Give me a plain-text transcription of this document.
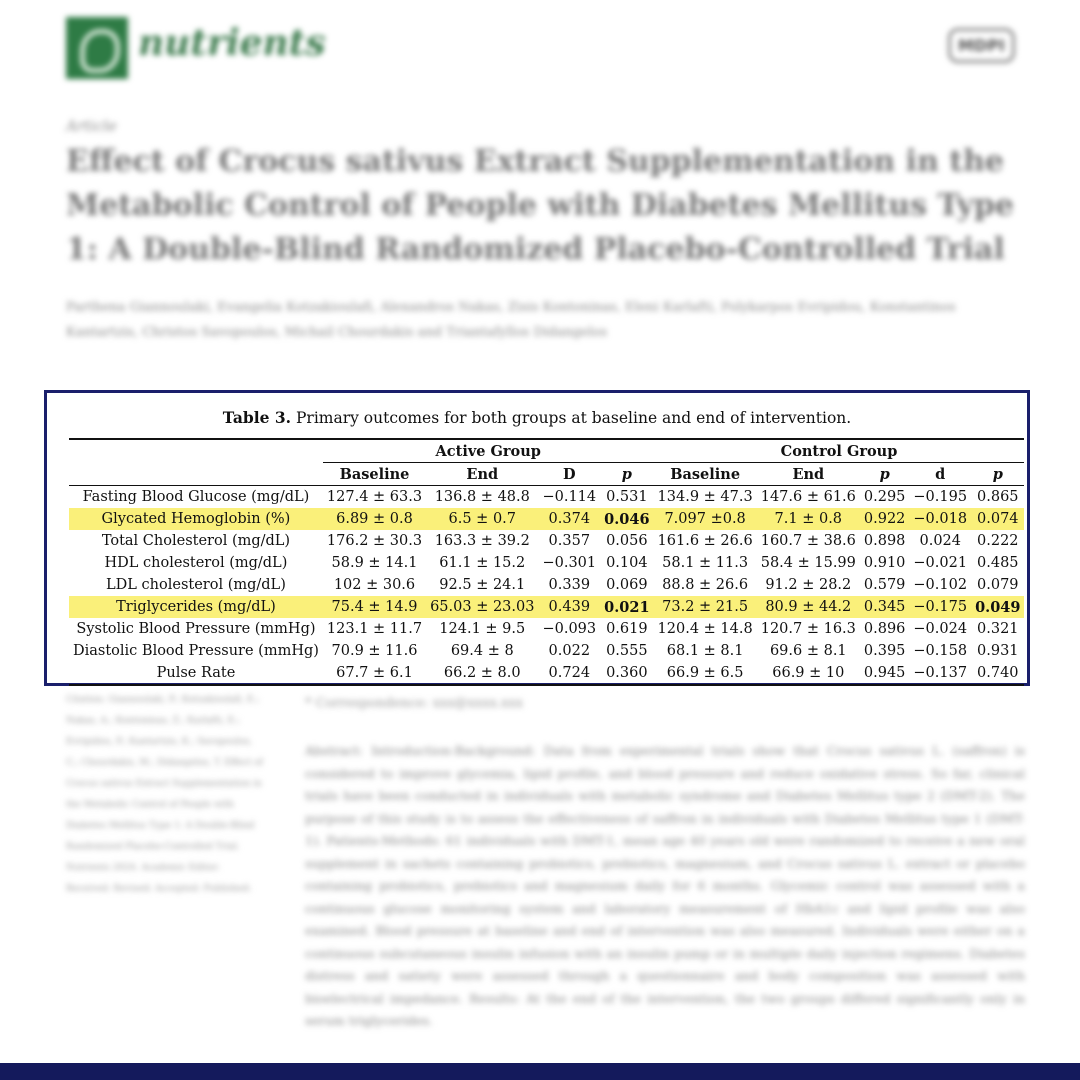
nutrients	MDPI
Article
Effect of Crocus sativus Extract Supplementation in the Metabolic Control of People with Diabetes Mellitus Type 1: A Double-Blind Randomized Placebo-Controlled Trial
Parthena Giannoulaki, Evangelia Kotzakioulafi, Alexandros Nakas, Zisis Kontoninas, Eleni Karlafti, Polykarpos Evripidou, Konstantinos Kantartzis, Christos Savopoulos, Michail Chourdakis and Triantafyllos Didangelos
Citation: Giannoulaki, P.; Kotzakioulafi, E.; Nakas, A.; Kontoninas, Z.; Karlafti, E.; Evripidou, P.; Kantartzis, K.; Savopoulos, C.; Chourdakis, M.; Didangelos, T. Effect of Crocus sativus Extract Supplementation in the Metabolic Control of People with Diabetes Mellitus Type 1: A Double-Blind Randomized Placebo-Controlled Trial. Nutrients 2024. Academic Editor: Received: Revised: Accepted: Published:
* Correspondence: xxx@xxxx.xxx
Abstract: Introduction-Background: Data from experimental trials show that Crocus sativus L. (saffron) is considered to improve glycemia, lipid profile, and blood pressure and reduce oxidative stress. So far, clinical trials have been conducted in individuals with metabolic syndrome and Diabetes Mellitus type 2 (DMT-2). The purpose of this study is to assess the effectiveness of saffron in individuals with Diabetes Mellitus type 1 (DMT-1). Patients-Methods: 61 individuals with DMT-1, mean age 40 years old were randomized to receive a new oral supplement in sachets containing probiotics, prebiotics, magnesium, and Crocus sativus L. extract or placebo containing probiotics, prebiotics and magnesium daily for 6 months. Glycemic control was assessed with a continuous glucose monitoring system and laboratory measurement of HbA1c and lipid profile was also examined. Blood pressure at baseline and end of intervention was also measured. Individuals were either on a continuous subcutaneous insulin infusion with an insulin pump or in multiple daily injection regimens. Diabetes distress and satiety were assessed through a questionnaire and body composition was assessed with bioelectrical impedance. Results: At the end of the intervention, the two groups differed significantly only in serum triglycerides.
Table 3. Primary outcomes for both groups at baseline and end of intervention.
	Active Group				Control Group				
	Baseline	End	D	p	Baseline	End	p	d	p
Fasting Blood Glucose (mg/dL)	127.4 ± 63.3	136.8 ± 48.8	−0.114	0.531	134.9 ± 47.3	147.6 ± 61.6	0.295	−0.195	0.865
Glycated Hemoglobin (%)	6.89 ± 0.8	6.5 ± 0.7	0.374	0.046	7.097 ±0.8	7.1 ± 0.8	0.922	−0.018	0.074
Total Cholesterol (mg/dL)	176.2 ± 30.3	163.3 ± 39.2	0.357	0.056	161.6 ± 26.6	160.7 ± 38.6	0.898	0.024	0.222
HDL cholesterol (mg/dL)	58.9 ± 14.1	61.1 ± 15.2	−0.301	0.104	58.1 ± 11.3	58.4 ± 15.99	0.910	−0.021	0.485
LDL cholesterol (mg/dL)	102 ± 30.6	92.5 ± 24.1	0.339	0.069	88.8 ± 26.6	91.2 ± 28.2	0.579	−0.102	0.079
Triglycerides (mg/dL)	75.4 ± 14.9	65.03 ± 23.03	0.439	0.021	73.2 ± 21.5	80.9 ± 44.2	0.345	−0.175	0.049
Systolic Blood Pressure (mmHg)	123.1 ± 11.7	124.1 ± 9.5	−0.093	0.619	120.4 ± 14.8	120.7 ± 16.3	0.896	−0.024	0.321
Diastolic Blood Pressure (mmHg)	70.9 ± 11.6	69.4 ± 8	0.022	0.555	68.1 ± 8.1	69.6 ± 8.1	0.395	−0.158	0.931
Pulse Rate	67.7 ± 6.1	66.2 ± 8.0	0.724	0.360	66.9 ± 6.5	66.9 ± 10	0.945	−0.137	0.740
